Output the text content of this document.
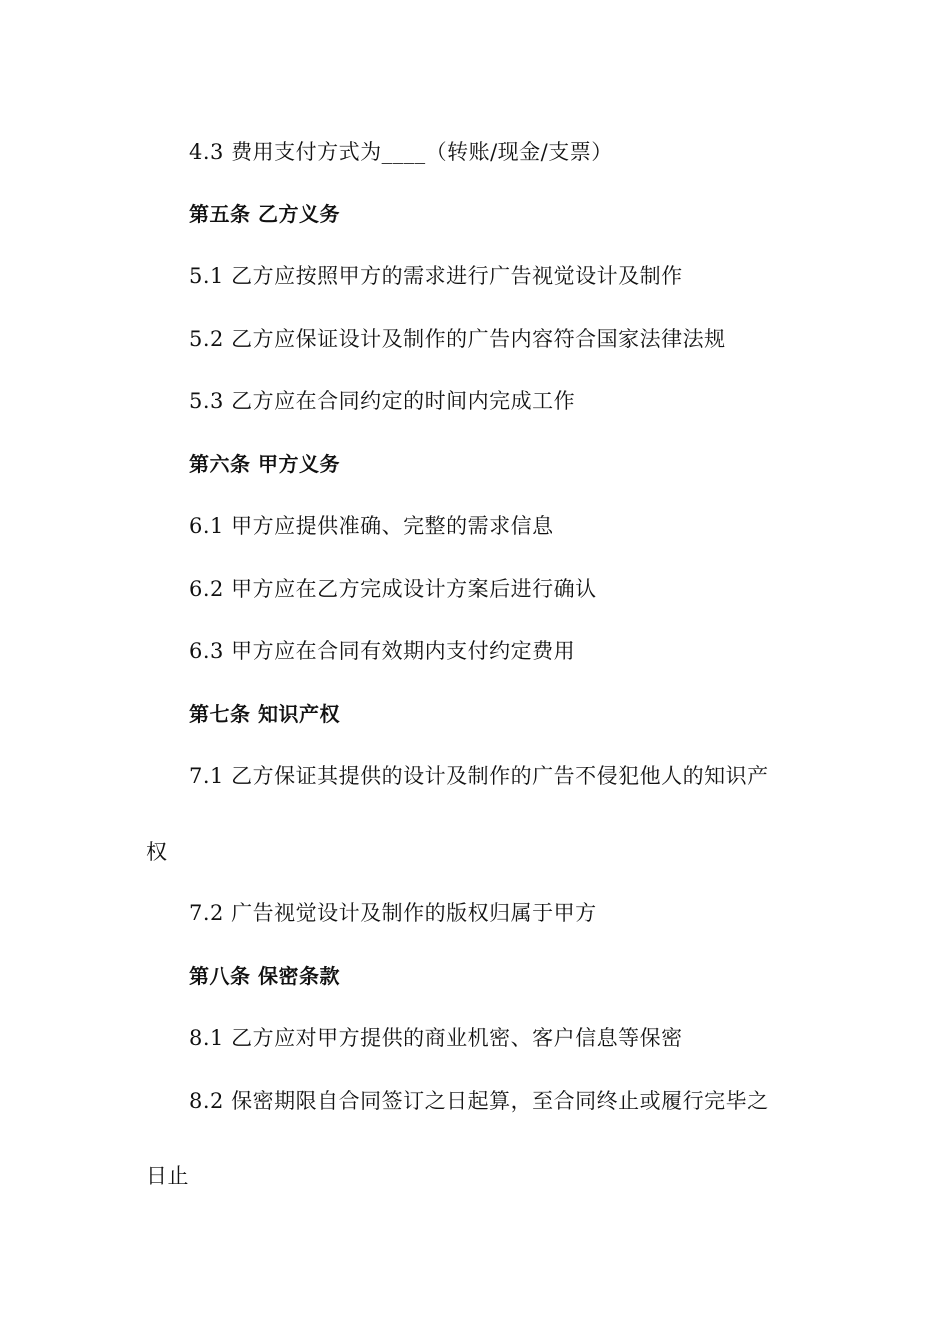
4.3 费用支付方式为____（转账/现金/支票）
第五条 乙方义务
5.1 乙方应按照甲方的需求进行广告视觉设计及制作
5.2 乙方应保证设计及制作的广告内容符合国家法律法规
5.3 乙方应在合同约定的时间内完成工作
第六条 甲方义务
6.1 甲方应提供准确、完整的需求信息
6.2 甲方应在乙方完成设计方案后进行确认
6.3 甲方应在合同有效期内支付约定费用
第七条 知识产权
7.1 乙方保证其提供的设计及制作的广告不侵犯他人的知识产
权
7.2 广告视觉设计及制作的版权归属于甲方
第八条 保密条款
8.1 乙方应对甲方提供的商业机密、客户信息等保密
8.2 保密期限自合同签订之日起算，至合同终止或履行完毕之
日止
